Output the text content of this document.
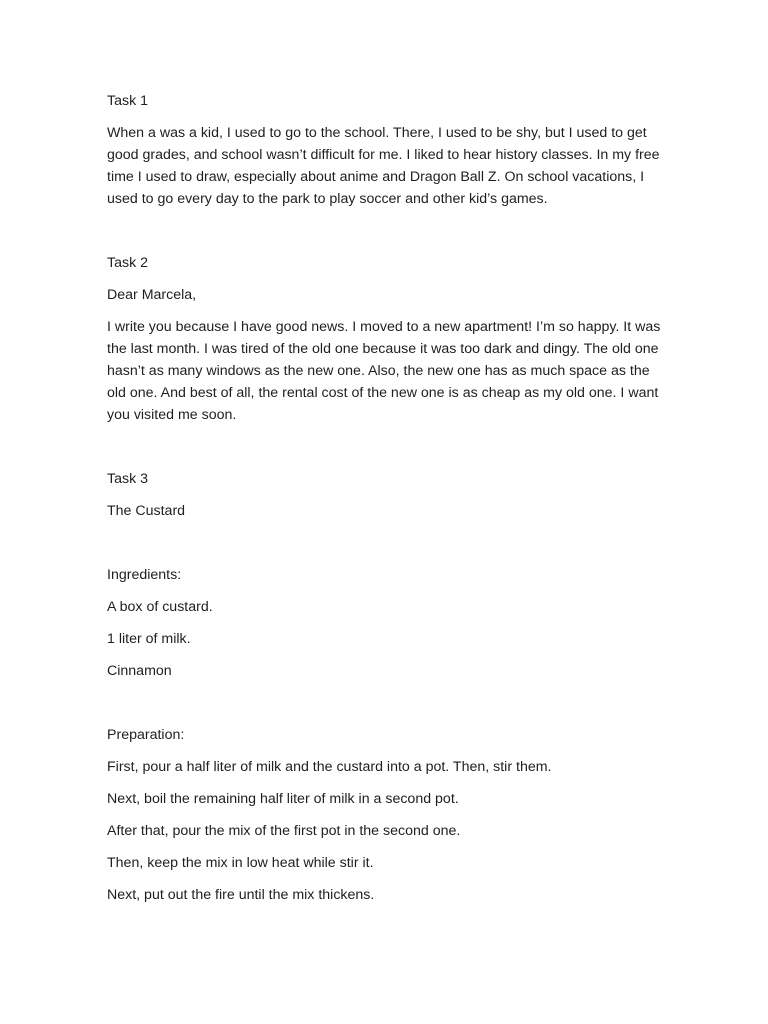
Task 1

When a was a kid, I used to go to the school. There, I used to be shy, but I used to get good grades, and school wasn’t difficult for me. I liked to hear history classes. In my free time I used to draw, especially about anime and Dragon Ball Z. On school vacations, I used to go every day to the park to play soccer and other kid’s games.

Task 2

Dear Marcela,

I write you because I have good news. I moved to a new apartment! I’m so happy. It was the last month. I was tired of the old one because it was too dark and dingy. The old one hasn’t as many windows as the new one. Also, the new one has as much space as the old one. And best of all, the rental cost of the new one is as cheap as my old one. I want you visited me soon.

Task 3

The Custard

Ingredients:

A box of custard.

1 liter of milk.

Cinnamon

Preparation:

First, pour a half liter of milk and the custard into a pot. Then, stir them.

Next, boil the remaining half liter of milk in a second pot.

After that, pour the mix of the first pot in the second one.

Then, keep the mix in low heat while stir it.

Next, put out the fire until the mix thickens.
